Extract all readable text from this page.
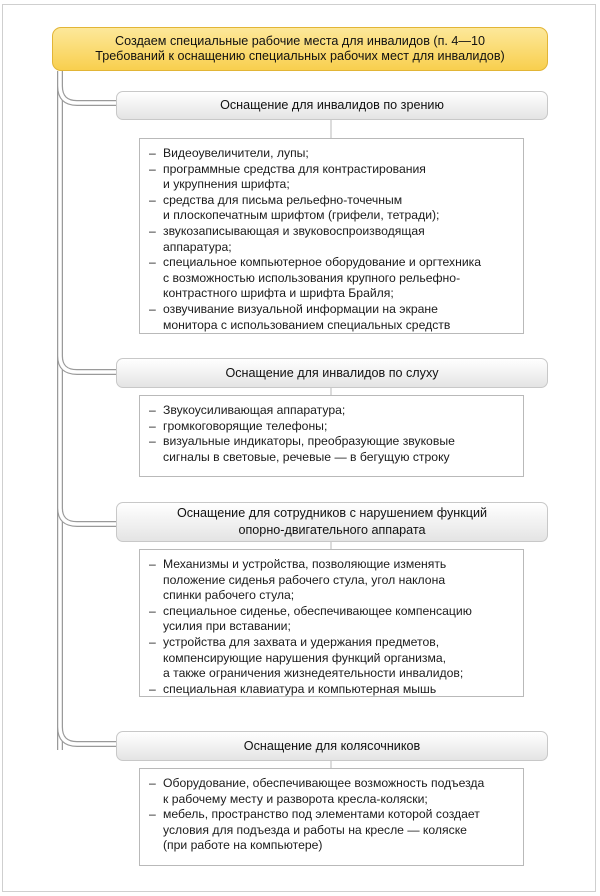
Создаем специальные рабочие места для инвалидов (п. 4—10
Требований к оснащению специальных рабочих мест для инвалидов)
Оснащение для инвалидов по зрению
– Видеоувеличители, лупы;
– программные средства для контрастирования
и укрупнения шрифта;
– средства для письма рельефно-точечным
и плоскопечатным шрифтом (грифели, тетради);
– звукозаписывающая и звуковоспроизводящая
аппаратура;
– специальное компьютерное оборудование и оргтехника
с возможностью использования крупного рельефно-
контрастного шрифта и шрифта Брайля;
– озвучивание визуальной информации на экране
монитора с использованием специальных средств
Оснащение для инвалидов по слуху
– Звукоусиливающая аппаратура;
– громкоговорящие телефоны;
– визуальные индикаторы, преобразующие звуковые
сигналы в световые, речевые — в бегущую строку
Оснащение для сотрудников с нарушением функций
опорно-двигательного аппарата
– Механизмы и устройства, позволяющие изменять
положение сиденья рабочего стула, угол наклона
спинки рабочего стула;
– специальное сиденье, обеспечивающее компенсацию
усилия при вставании;
– устройства для захвата и удержания предметов,
компенсирующие нарушения функций организма,
а также ограничения жизнедеятельности инвалидов;
– специальная клавиатура и компьютерная мышь
Оснащение для колясочников
– Оборудование, обеспечивающее возможность подъезда
к рабочему месту и разворота кресла-коляски;
– мебель, пространство под элементами которой создает
условия для подъезда и работы на кресле — коляске
(при работе на компьютере)
